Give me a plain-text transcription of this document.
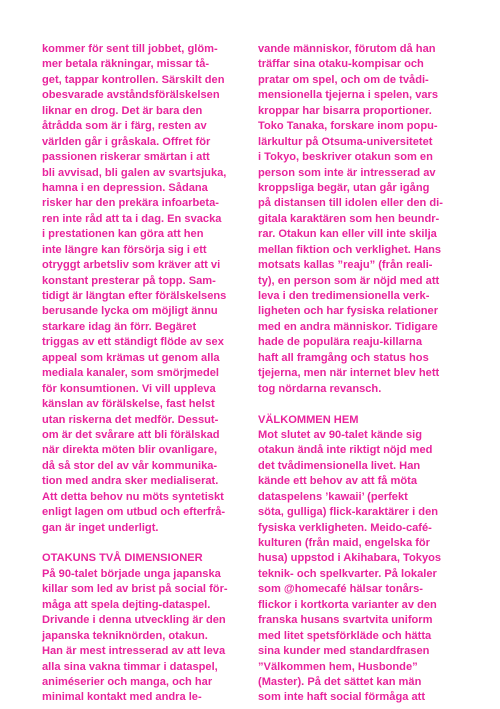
kommer för sent till jobbet, glöm-
mer betala räkningar, missar tå-
get, tappar kontrollen. Särskilt den
obesvarade avståndsförälskelsen
liknar en drog. Det är bara den
åtrådda som är i färg, resten av
världen går i gråskala. Offret för
passionen riskerar smärtan i att
bli avvisad, bli galen av svartsjuka,
hamna i en depression. Sådana
risker har den prekära infoarbeta-
ren inte råd att ta i dag. En svacka
i prestationen kan göra att hen
inte längre kan försörja sig i ett
otryggt arbetsliv som kräver att vi
konstant presterar på topp. Sam-
tidigt är längtan efter förälskelsens
berusande lycka om möjligt ännu
starkare idag än förr. Begäret
triggas av ett ständigt flöde av sex
appeal som krämas ut genom alla
mediala kanaler, som smörjmedel
för konsumtionen. Vi vill uppleva
känslan av förälskelse, fast helst
utan riskerna det medför. Dessut-
om är det svårare att bli förälskad
när direkta möten blir ovanligare,
då så stor del av vår kommunika-
tion med andra sker medialiserat.
Att detta behov nu möts syntetiskt
enligt lagen om utbud och efterfrå-
gan är inget underligt.
OTAKUNS TVÅ DIMENSIONER
På 90-talet började unga japanska
killar som led av brist på social för-
måga att spela dejting-dataspel.
Drivande i denna utveckling är den
japanska tekniknörden, otakun.
Han är mest intresserad av att leva
alla sina vakna timmar i dataspel,
animéserier och manga, och har
minimal kontakt med andra le-
vande människor, förutom då han
träffar sina otaku-kompisar och
pratar om spel, och om de tvådi-
mensionella tjejerna i spelen, vars
kroppar har bisarra proportioner.
Toko Tanaka, forskare inom popu-
lärkultur på Otsuma-universitetet
i Tokyo, beskriver otakun som en
person som inte är intresserad av
kroppsliga begär, utan går igång
på distansen till idolen eller den di-
gitala karaktären som hen beundr-
rar. Otakun kan eller vill inte skilja
mellan fiktion och verklighet. Hans
motsats kallas ”reaju” (från reali-
ty), en person som är nöjd med att
leva i den tredimensionella verk-
ligheten och har fysiska relationer
med en andra människor. Tidigare
hade de populära reaju-killarna
haft all framgång och status hos
tjejerna, men när internet blev hett
tog nördarna revansch.
VÄLKOMMEN HEM
Mot slutet av 90-talet kände sig
otakun ändå inte riktigt nöjd med
det tvådimensionella livet. Han
kände ett behov av att få möta
dataspelens ’kawaii’ (perfekt
söta, gulliga) flick-karaktärer i den
fysiska verkligheten. Meido-café-
kulturen (från maid, engelska för
husa) uppstod i Akihabara, Tokyos
teknik- och spelkvarter. På lokaler
som @homecafé hälsar tonårs-
flickor i kortkorta varianter av den
franska husans svartvita uniform
med litet spetsförkläde och hätta
sina kunder med standardfrasen
”Välkommen hem, Husbonde”
(Master). På det sättet kan män
som inte haft social förmåga att
